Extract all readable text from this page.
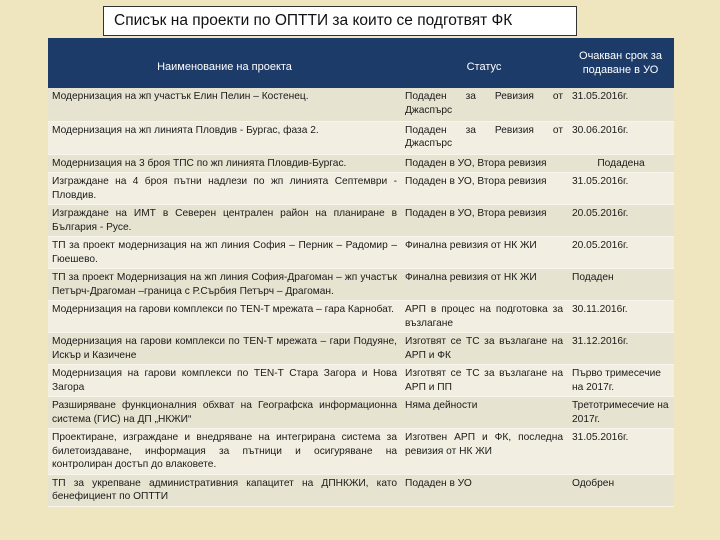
Списък на проекти по ОПТТИ за които се подготвят ФК
Наименование на проекта	Статус	Очакван срок за подаване в УО
Модернизация на жп участък Елин Пелин – Костенец.	Подаден за Ревизия от Джаспърс	31.05.2016г.
Модернизация на жп линията Пловдив - Бургас, фаза 2.	Подаден за Ревизия от Джаспърс	30.06.2016г.
Модернизация на 3 броя ТПС по жп линията Пловдив-Бургас.	Подаден в УО, Втора ревизия	Подадена
Изграждане на 4 броя пътни надлези по жп линията Септември - Пловдив.	Подаден в УО, Втора ревизия	31.05.2016г.
Изграждане на ИМТ в Северен централен район на планиране в България - Русе.	Подаден в УО, Втора ревизия	20.05.2016г.
ТП за проект модернизация на жп линия София – Перник – Радомир – Гюешево.	Финална ревизия от НК ЖИ	20.05.2016г.
ТП за проект Модернизация на жп линия София-Драгоман – жп участък Петърч-Драгоман –граница с Р.Сърбия Петърч – Драгоман.	Финална ревизия от НК ЖИ	Подаден
Модернизация на гарови комплекси по TEN-T мрежата – гара Карнобат.	АРП в процес на подготовка за възлагане	30.11.2016г.
Модернизация на гарови комплекси по TEN-T мрежата – гари Подуяне, Искър и Казичене	Изготвят се ТС за възлагане на АРП и ФК	31.12.2016г.
Модернизация на гарови комплекси по TEN-T Стара Загора и Нова Загора	Изготвят се ТС за възлагане на АРП и ПП	Първо тримесечие на 2017г.
Разширяване функционалния обхват на Географска информационна система (ГИС) на ДП „НКЖИ“	Няма дейности	Третотримесечие на 2017г.
Проектиране, изграждане и внедряване на интегрирана система за билетоиздаване, информация за пътници и осигуряване на контролиран достъп до влаковете.	Изготвен АРП и ФК, последна ревизия от НК ЖИ	31.05.2016г.
ТП за укрепване административния капацитет на ДПНКЖИ, като бенефициент по ОПТТИ	Подаден в УО	Одобрен
